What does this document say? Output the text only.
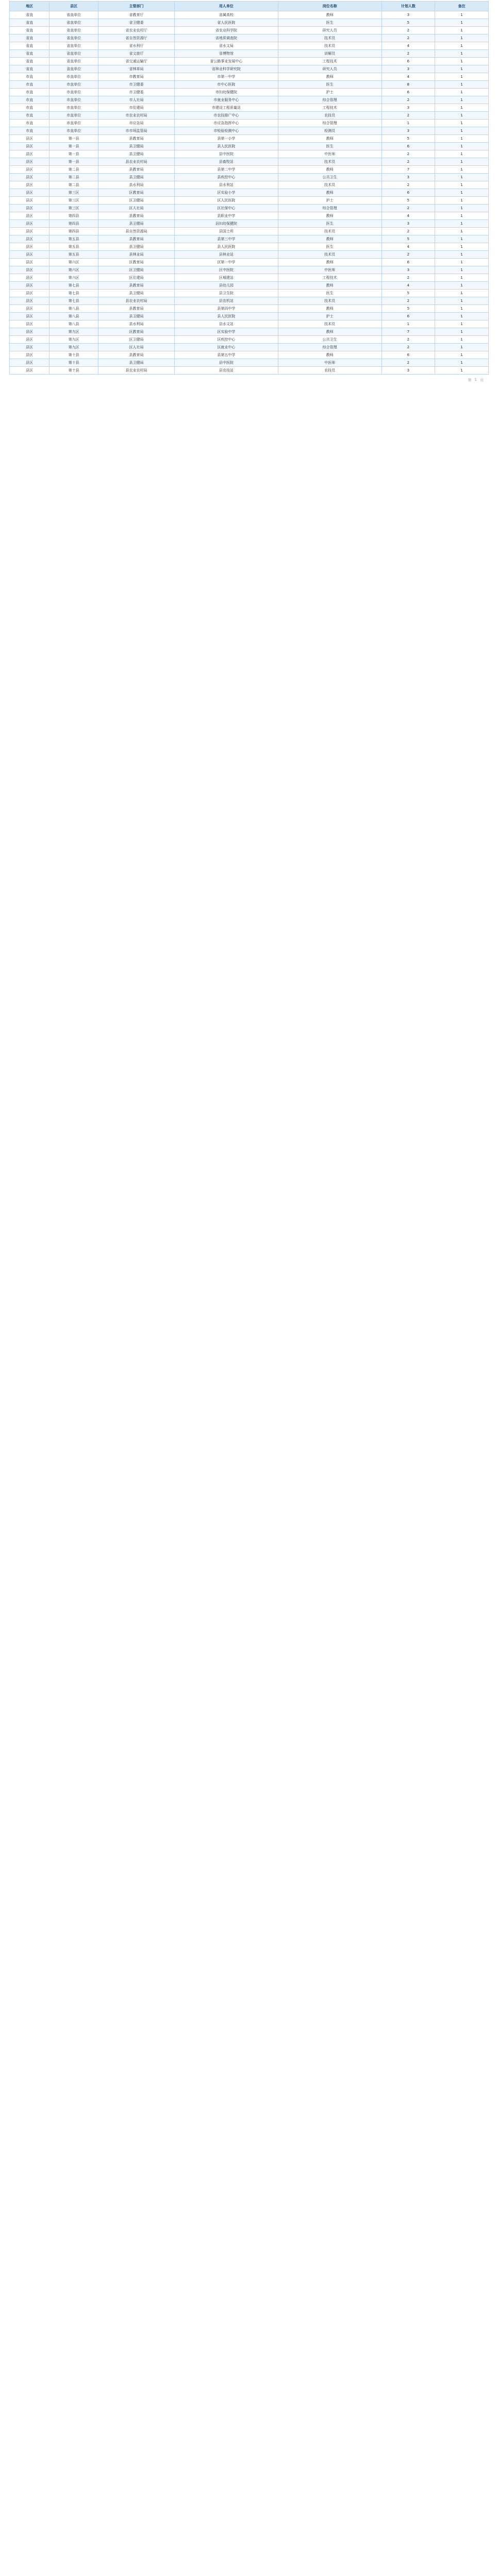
地区	县区	主管部门	用人单位	岗位名称	计划人数	备注
省直	省直单位	省教育厅	省属高校	教师	3	1
省直	省直单位	省卫健委	省人民医院	医生	5	1
省直	省直单位	省农业农村厅	省农业科学院	研究人员	2	1
省直	省直单位	省自然资源厅	省地质调查院	技术员	2	1
省直	省直单位	省水利厅	省水文局	技术员	4	1
省直	省直单位	省文旅厅	省博物馆	讲解员	2	1
省直	省直单位	省交通运输厅	省公路事业发展中心	工程技术	6	1
省直	省直单位	省林草局	省林业科学研究院	研究人员	3	1
市直	市直单位	市教育局	市第一中学	教师	4	1
市直	市直单位	市卫健委	市中心医院	医生	8	1
市直	市直单位	市卫健委	市妇幼保健院	护士	6	1
市直	市直单位	市人社局	市就业服务中心	综合管理	2	1
市直	市直单位	市住建局	市建设工程质量站	工程技术	3	1
市直	市直单位	市农业农村局	市农技推广中心	农技员	2	1
市直	市直单位	市应急局	市应急指挥中心	综合管理	1	1
市直	市直单位	市市场监管局	市检验检测中心	检测员	3	1
县区	第一县	县教育局	县第一小学	教师	5	1
县区	第一县	县卫健局	县人民医院	医生	6	1
县区	第一县	县卫健局	县中医院	中医师	2	1
县区	第一县	县农业农村局	县畜牧站	技术员	2	1
县区	第二县	县教育局	县第二中学	教师	7	1
县区	第二县	县卫健局	县疾控中心	公共卫生	3	1
县区	第二县	县水利局	县水利站	技术员	2	1
县区	第三区	区教育局	区实验小学	教师	6	1
县区	第三区	区卫健局	区人民医院	护士	5	1
县区	第三区	区人社局	区社保中心	综合管理	2	1
县区	第四县	县教育局	县职业中学	教师	4	1
县区	第四县	县卫健局	县妇幼保健院	医生	3	1
县区	第四县	县自然资源局	县国土所	技术员	2	1
县区	第五县	县教育局	县第三中学	教师	5	1
县区	第五县	县卫健局	县人民医院	医生	4	1
县区	第五县	县林业局	县林业站	技术员	2	1
县区	第六区	区教育局	区第一中学	教师	6	1
县区	第六区	区卫健局	区中医院	中医师	3	1
县区	第六区	区住建局	区城建站	工程技术	2	1
县区	第七县	县教育局	县幼儿园	教师	4	1
县区	第七县	县卫健局	县卫生院	医生	5	1
县区	第七县	县农业农村局	县农机站	技术员	2	1
县区	第八县	县教育局	县第四中学	教师	5	1
县区	第八县	县卫健局	县人民医院	护士	6	1
县区	第八县	县水利局	县水文站	技术员	1	1
县区	第九区	区教育局	区实验中学	教师	7	1
县区	第九区	区卫健局	区疾控中心	公共卫生	2	1
县区	第九区	区人社局	区就业中心	综合管理	2	1
县区	第十县	县教育局	县第五中学	教师	6	1
县区	第十县	县卫健局	县中医院	中医师	2	1
县区	第十县	县农业农村局	县农技站	农技员	3	1
第 1 页
